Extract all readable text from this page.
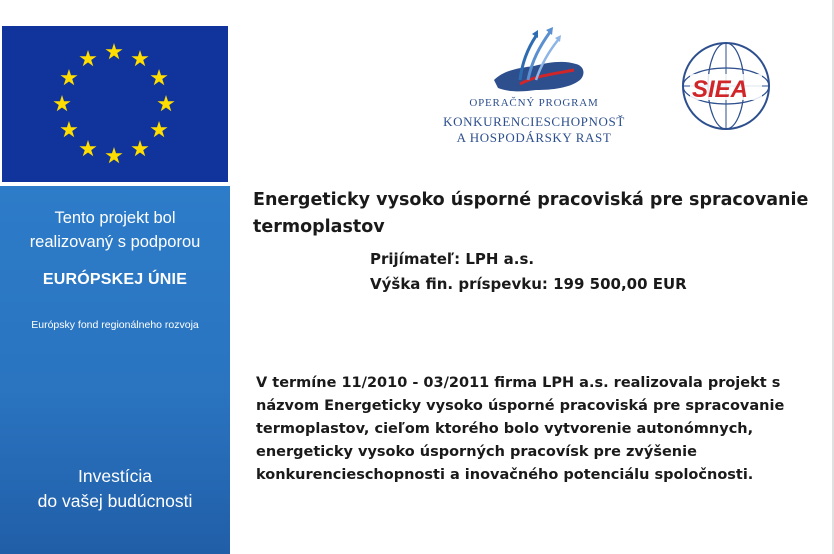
Tento projekt bol
realizovaný s podporou
EURÓPSKEJ ÚNIE
Európsky fond regionálneho rozvoja
Investícia
do vašej budúcnosti
OPERAČNÝ PROGRAM
KONKURENCIESCHOPNOSŤ
A HOSPODÁRSKY RAST
SIEA
Energeticky vysoko úsporné pracoviská pre spracovanie termoplastov
Prijímateľ: LPH a.s.
Výška fin. príspevku: 199 500,00 EUR

V termíne 11/2010 - 03/2011 firma LPH a.s. realizovala projekt s názvom Energeticky vysoko úsporné pracoviská pre spracovanie termoplastov, cieľom ktorého bolo vytvorenie autonómnych, energeticky vysoko úsporných pracovísk pre zvýšenie konkurencieschopnosti a inovačného potenciálu spoločnosti.
